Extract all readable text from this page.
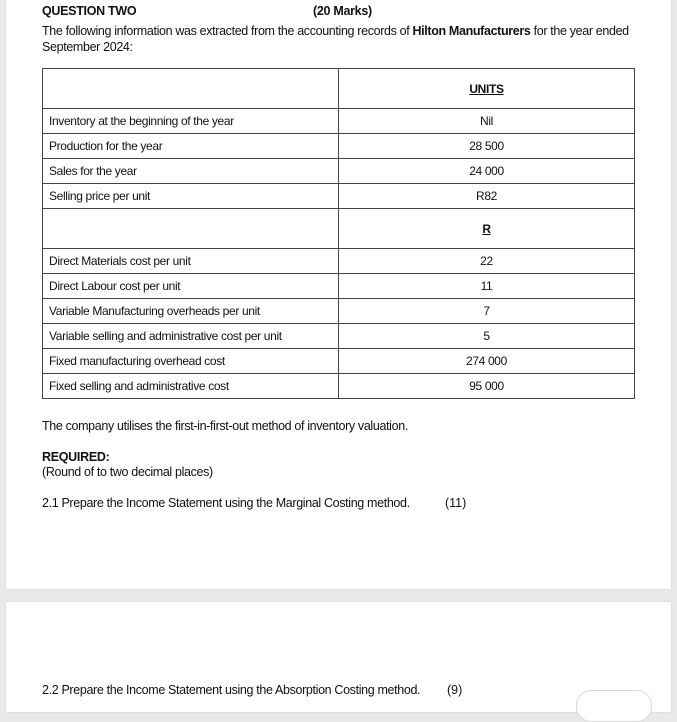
QUESTION TWO	(20 Marks)
The following information was extracted from the accounting records of Hilton Manufacturers for the year ended September 2024:
	UNITS
Inventory at the beginning of the year	Nil
Production for the year	28 500
Sales for the year	24 000
Selling price per unit	R82
	R
Direct Materials cost per unit	22
Direct Labour cost per unit	11
Variable Manufacturing overheads per unit	7
Variable selling and administrative cost per unit	5
Fixed manufacturing overhead cost	274 000
Fixed selling and administrative cost	95 000
The company utilises the first-in-first-out method of inventory valuation.
REQUIRED:
(Round of to two decimal places)
2.1 Prepare the Income Statement using the Marginal Costing method.	(11)
2.2 Prepare the Income Statement using the Absorption Costing method. (9)
